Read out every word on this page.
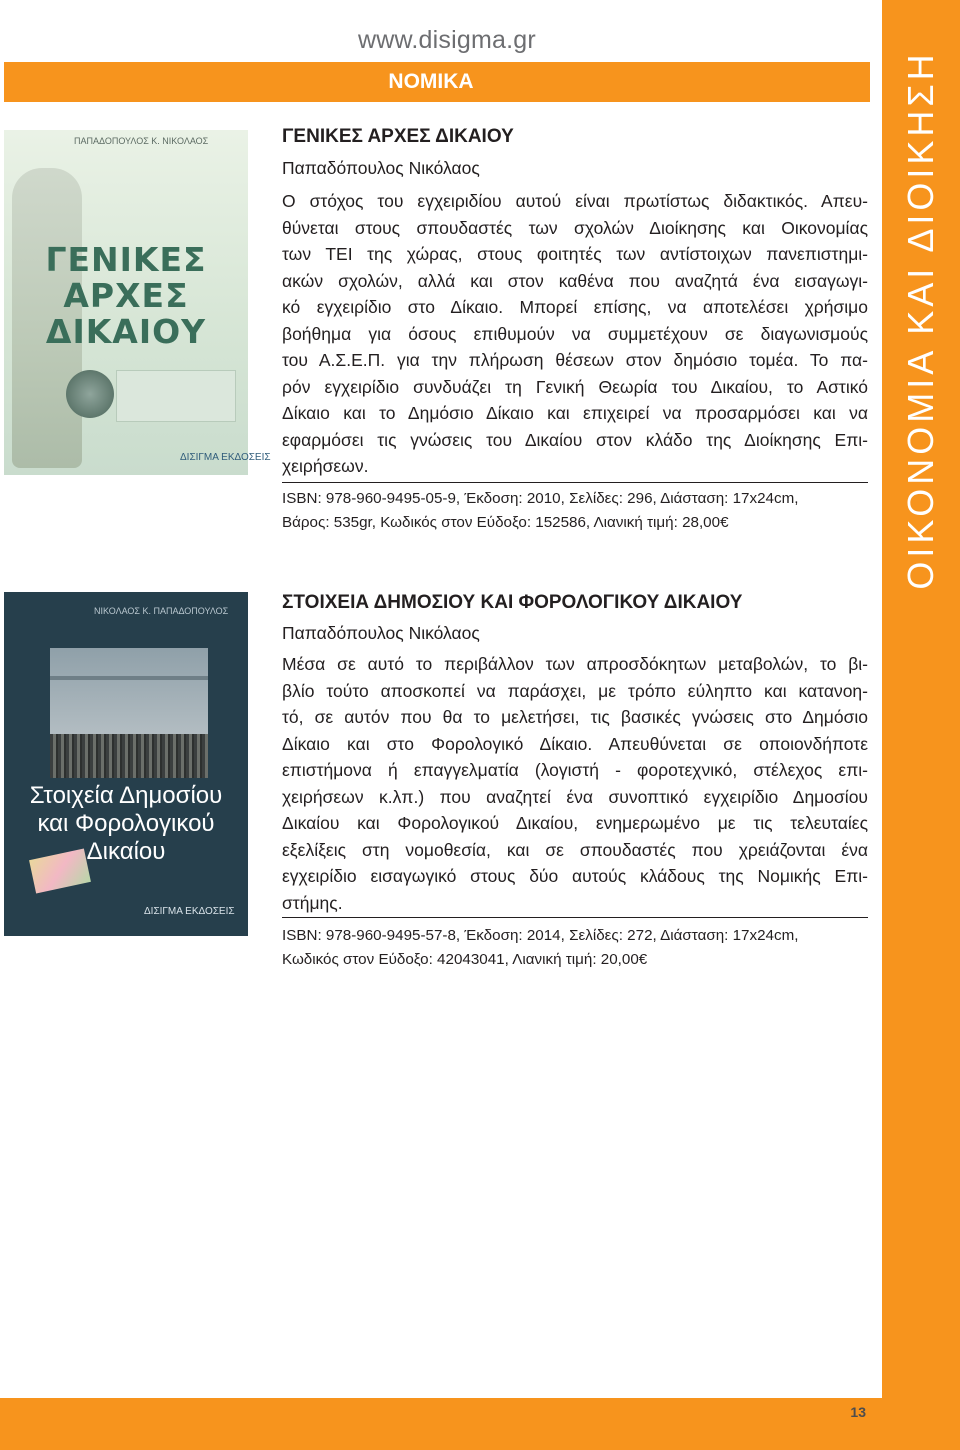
www.disigma.gr
ΝΟΜΙΚΑ	ΟΙΚΟΝΟΜΙΑ ΚΑΙ ΔΙΟΙΚΗΣΗ
13
ΠΑΠΑΔΟΠΟΥΛΟΣ Κ. ΝΙΚΟΛΑΟΣ
ΓΕΝΙΚΕΣ
ΑΡΧΕΣ
ΔΙΚΑΙΟΥ
ΔΙΣΙΓΜΑ ΕΚΔΟΣΕΙΣ
ΓΕΝΙΚΕΣ ΑΡΧΕΣ ΔΙΚΑΙΟΥ
Παπαδόπουλος Νικόλαος
Ο στόχος του εγχειριδίου αυτού είναι πρωτίστως διδακτικός. Απευ-
θύνεται στους σπουδαστές των σχολών Διοίκησης και Οικονομίας
των ΤΕΙ της χώρας, στους φοιτητές των αντίστοιχων πανεπιστημι-
ακών σχολών, αλλά και στον καθένα που αναζητά ένα εισαγωγι-
κό εγχειρίδιο στο Δίκαιο. Μπορεί επίσης, να αποτελέσει χρήσιμο
βοήθημα για όσους επιθυμούν να συμμετέχουν σε διαγωνισμούς
του Α.Σ.Ε.Π. για την πλήρωση θέσεων στον δημόσιο τομέα. Το πα-
ρόν εγχειρίδιο συνδυάζει τη Γενική Θεωρία του Δικαίου, το Αστικό
Δίκαιο και το Δημόσιο Δίκαιο και επιχειρεί να προσαρμόσει και να
εφαρμόσει τις γνώσεις του Δικαίου στον κλάδο της Διοίκησης Επι-
χειρήσεων.
ISBN: 978-960-9495-05-9, Έκδοση: 2010, Σελίδες: 296, Διάσταση: 17x24cm,
Βάρος: 535gr, Κωδικός στον Εύδοξο: 152586, Λιανική τιμή: 28,00€
ΝΙΚΟΛΑΟΣ Κ. ΠΑΠΑΔΟΠΟΥΛΟΣ
Στοιχεία Δημοσίου
και Φορολογικού
Δικαίου
ΔΙΣΙΓΜΑ ΕΚΔΟΣΕΙΣ
ΣΤΟΙΧΕΙΑ ΔΗΜΟΣΙΟΥ ΚΑΙ ΦΟΡΟΛΟΓΙΚΟΥ ΔΙΚΑΙΟΥ
Παπαδόπουλος Νικόλαος
Μέσα σε αυτό το περιβάλλον των απροσδόκητων μεταβολών, το βι-
βλίο τούτο αποσκοπεί να παράσχει, με τρόπο εύληπτο και κατανοη-
τό, σε αυτόν που θα το μελετήσει, τις βασικές γνώσεις στο Δημόσιο
Δίκαιο και στο Φορολογικό Δίκαιο. Απευθύνεται σε οποιονδήποτε
επιστήμονα ή επαγγελματία (λογιστή - φοροτεχνικό, στέλεχος επι-
χειρήσεων κ.λπ.) που αναζητεί ένα συνοπτικό εγχειρίδιο Δημοσίου
Δικαίου και Φορολογικού Δικαίου, ενημερωμένο με τις τελευταίες
εξελίξεις στη νομοθεσία, και σε σπουδαστές που χρειάζονται ένα
εγχειρίδιο εισαγωγικό στους δύο αυτούς κλάδους της Νομικής Επι-
στήμης.
ISBN: 978-960-9495-57-8, Έκδοση: 2014, Σελίδες: 272, Διάσταση: 17x24cm,
Κωδικός στον Εύδοξο: 42043041, Λιανική τιμή: 20,00€
